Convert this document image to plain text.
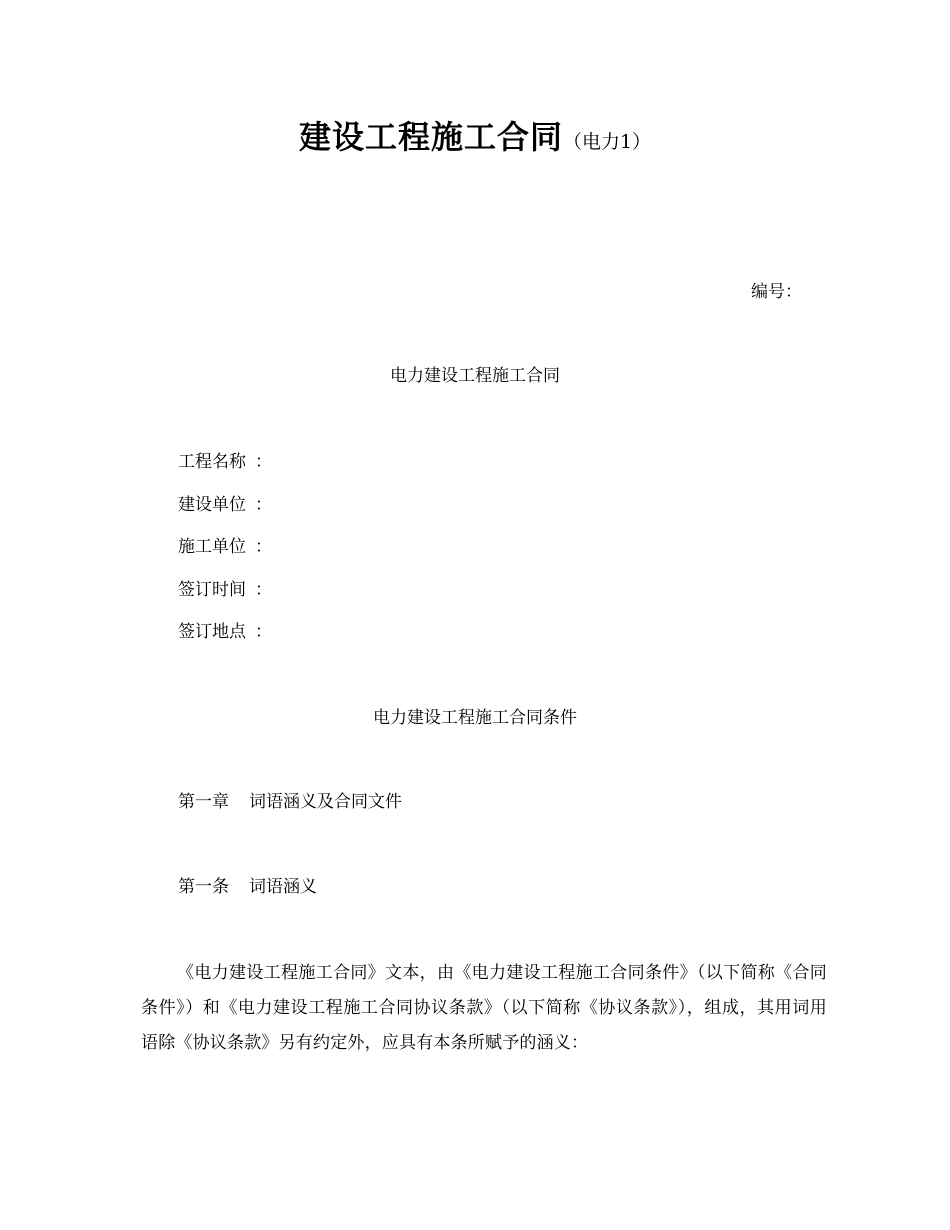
建设工程施工合同（电力1）
编号：
电力建设工程施工合同
工程名称 ：
建设单位 ：
施工单位 ：
签订时间 ：
签订地点 ：
电力建设工程施工合同条件
第一章 词语涵义及合同文件
第一条 词语涵义
《电力建设工程施工合同》文本，由《电力建设工程施工合同条件》（以下简称《合同条件》）和《电力建设工程施工合同协议条款》（以下简称《协议条款》），组成，其用词用语除《协议条款》另有约定外，应具有本条所赋予的涵义：
